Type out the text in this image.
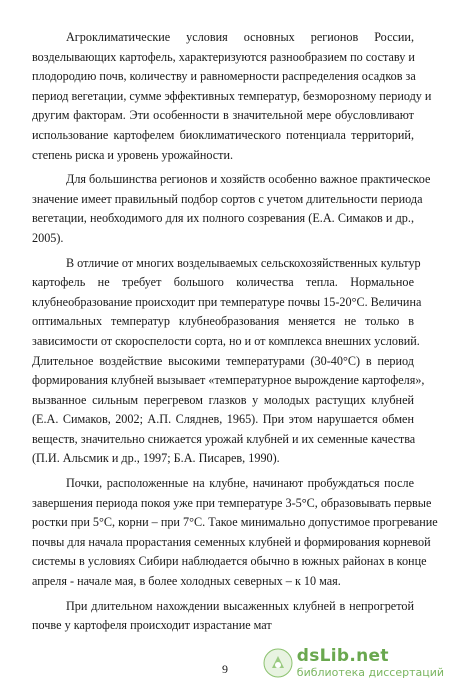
Агроклиматические условия основных регионов России,

возделывающих картофель, характеризуются разнообразием по составу и

плодородию почв, количеству и равномерности распределения осадков за

период вегетации, сумме эффективных температур, безморозному периоду и

другим факторам. Эти особенности в значительной мере обусловливают

использование картофелем биоклиматического потенциала территорий,

степень риска и уровень урожайности.

Для большинства регионов и хозяйств особенно важное практическое

значение имеет правильный подбор сортов с учетом длительности периода

вегетации, необходимого для их полного созревания (Е.А. Симаков и др.,

2005).

В отличие от многих возделываемых сельскохозяйственных культур

картофель не требует большого количества тепла. Нормальное

клубнеобразование происходит при температуре почвы 15-20°С. Величина

оптимальных температур клубнеобразования меняется не только в

зависимости от скороспелости сорта, но и от комплекса внешних условий.

Длительное воздействие высокими температурами (30-40°С) в период

формирования клубней вызывает «температурное вырождение картофеля»,

вызванное сильным перегревом глазков у молодых растущих клубней

(Е.А. Симаков, 2002; А.П. Сляднев, 1965). При этом нарушается обмен

веществ, значительно снижается урожай клубней и их семенные качества

(П.И. Альсмик и др., 1997; Б.А. Писарев, 1990).

Почки, расположенные на клубне, начинают пробуждаться после

завершения периода покоя уже при температуре 3-5°С, образовывать первые

ростки при 5°С, корни – при 7°С. Такое минимально допустимое прогревание

почвы для начала прорастания семенных клубней и формирования корневой

системы в условиях Сибири наблюдается обычно в южных районах в конце

апреля - начале мая, в более холодных северных – к 10 мая.

При длительном нахождении высаженных клубней в непрогретой

почве у картофеля происходит израстание мат

9
dsLib.net
библиотека диссертаций
